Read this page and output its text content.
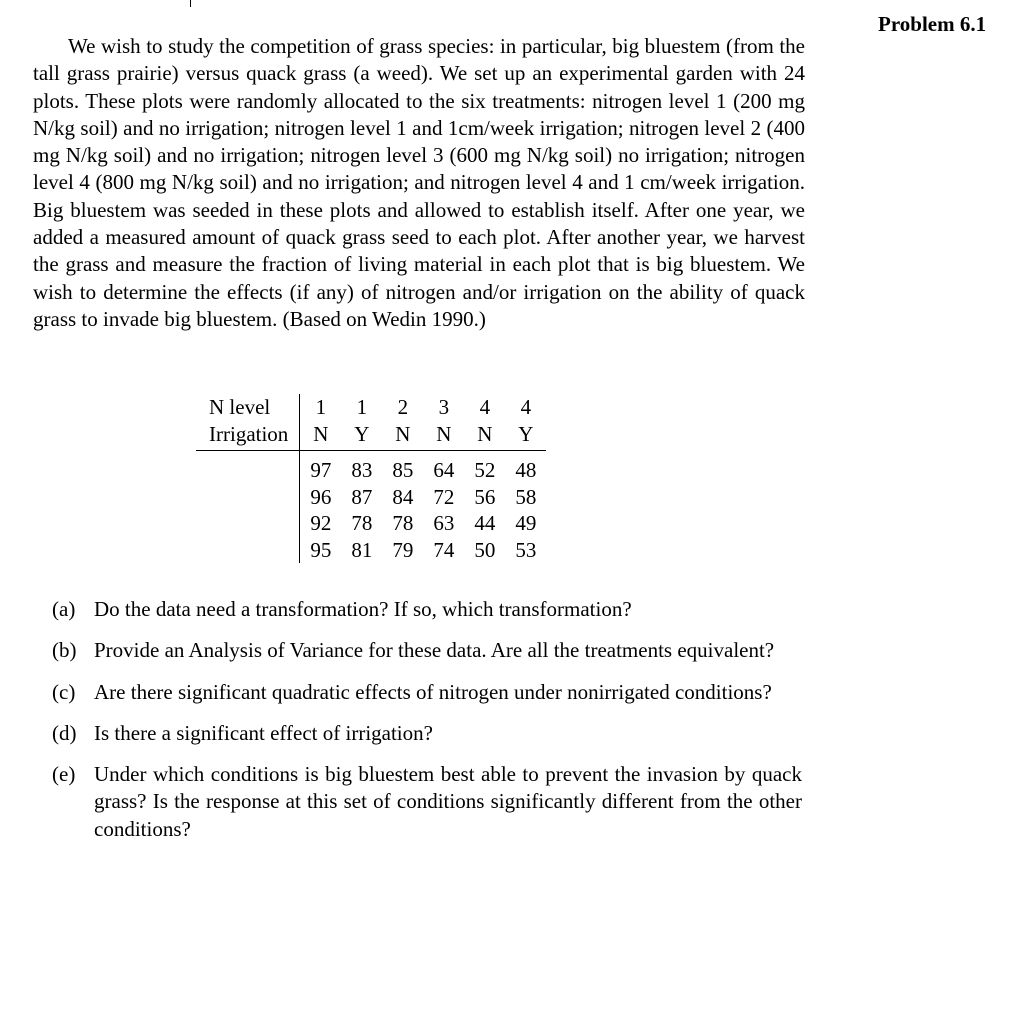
Problem 6.1

We wish to study the competition of grass species: in particular, big bluestem (from the tall grass prairie) versus quack grass (a weed). We set up an experimental garden with 24 plots. These plots were randomly allocated to the six treatments: nitrogen level 1 (200 mg N/kg soil) and no irrigation; nitrogen level 1 and 1cm/week irrigation; nitrogen level 2 (400 mg N/kg soil) and no irrigation; nitrogen level 3 (600 mg N/kg soil) no irrigation; nitrogen level 4 (800 mg N/kg soil) and no irrigation; and nitrogen level 4 and 1 cm/week irrigation. Big bluestem was seeded in these plots and allowed to establish itself. After one year, we added a measured amount of quack grass seed to each plot. After another year, we harvest the grass and measure the fraction of living material in each plot that is big bluestem. We wish to determine the effects (if any) of nitrogen and/or irrigation on the ability of quack grass to invade big bluestem. (Based on Wedin 1990.)

N level	1	1	2	3	4	4
Irrigation	N	Y	N	N	N	Y
	97	83	85	64	52	48
	96	87	84	72	56	58
	92	78	78	63	44	49
	95	81	79	74	50	53
(a) Do the data need a transformation? If so, which transformation?
(b) Provide an Analysis of Variance for these data. Are all the treatments equivalent?
(c) Are there significant quadratic effects of nitrogen under nonirrigated conditions?
(d) Is there a significant effect of irrigation?
(e) Under which conditions is big bluestem best able to prevent the invasion by quack grass? Is the response at this set of conditions significantly different from the other conditions?
